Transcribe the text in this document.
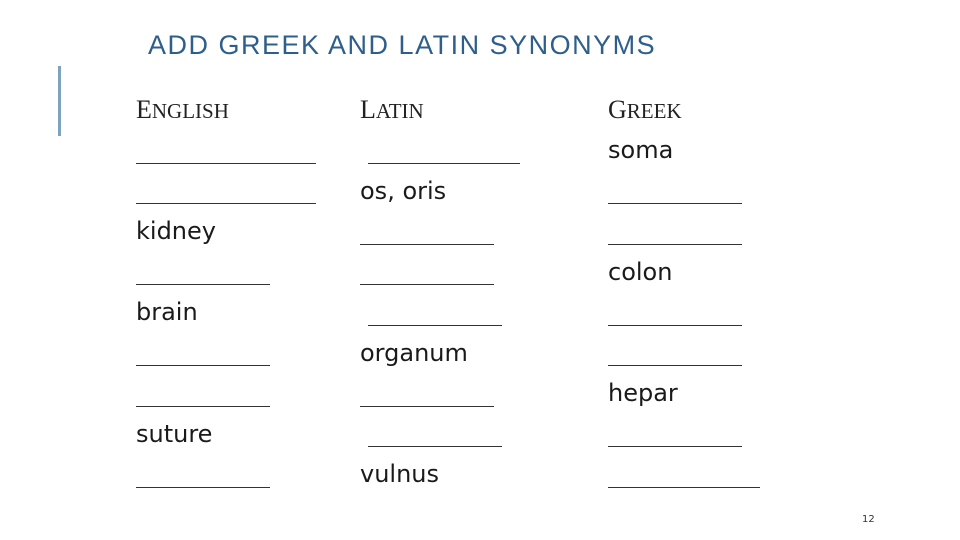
ADD GREEK AND LATIN SYNONYMS
ENGLISH
kidney
brain
suture
LATIN
os, oris
organum
vulnus
GREEK
soma
colon
hepar
12
